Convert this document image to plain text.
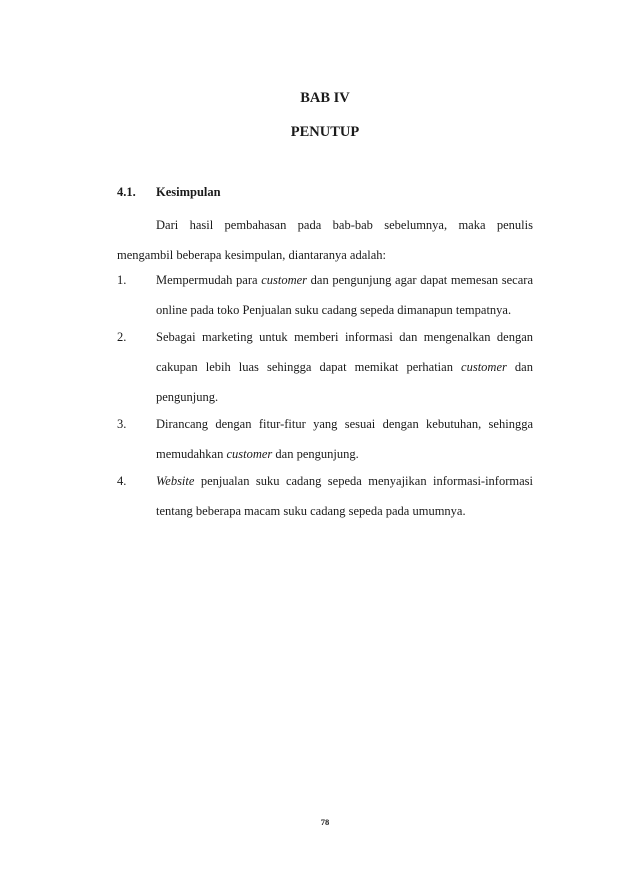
BAB IV
PENUTUP
4.1. Kesimpulan

Dari hasil pembahasan pada bab-bab sebelumnya, maka penulis mengambil beberapa kesimpulan, diantaranya adalah:

1. Mempermudah para customer dan pengunjung agar dapat memesan secara online pada toko Penjualan suku cadang sepeda dimanapun tempatnya.
2. Sebagai marketing untuk memberi informasi dan mengenalkan dengan cakupan lebih luas sehingga dapat memikat perhatian customer dan pengunjung.
3. Dirancang dengan fitur-fitur yang sesuai dengan kebutuhan, sehingga memudahkan customer dan pengunjung.
4. Website penjualan suku cadang sepeda menyajikan informasi-informasi tentang beberapa macam suku cadang sepeda pada umumnya.
78
